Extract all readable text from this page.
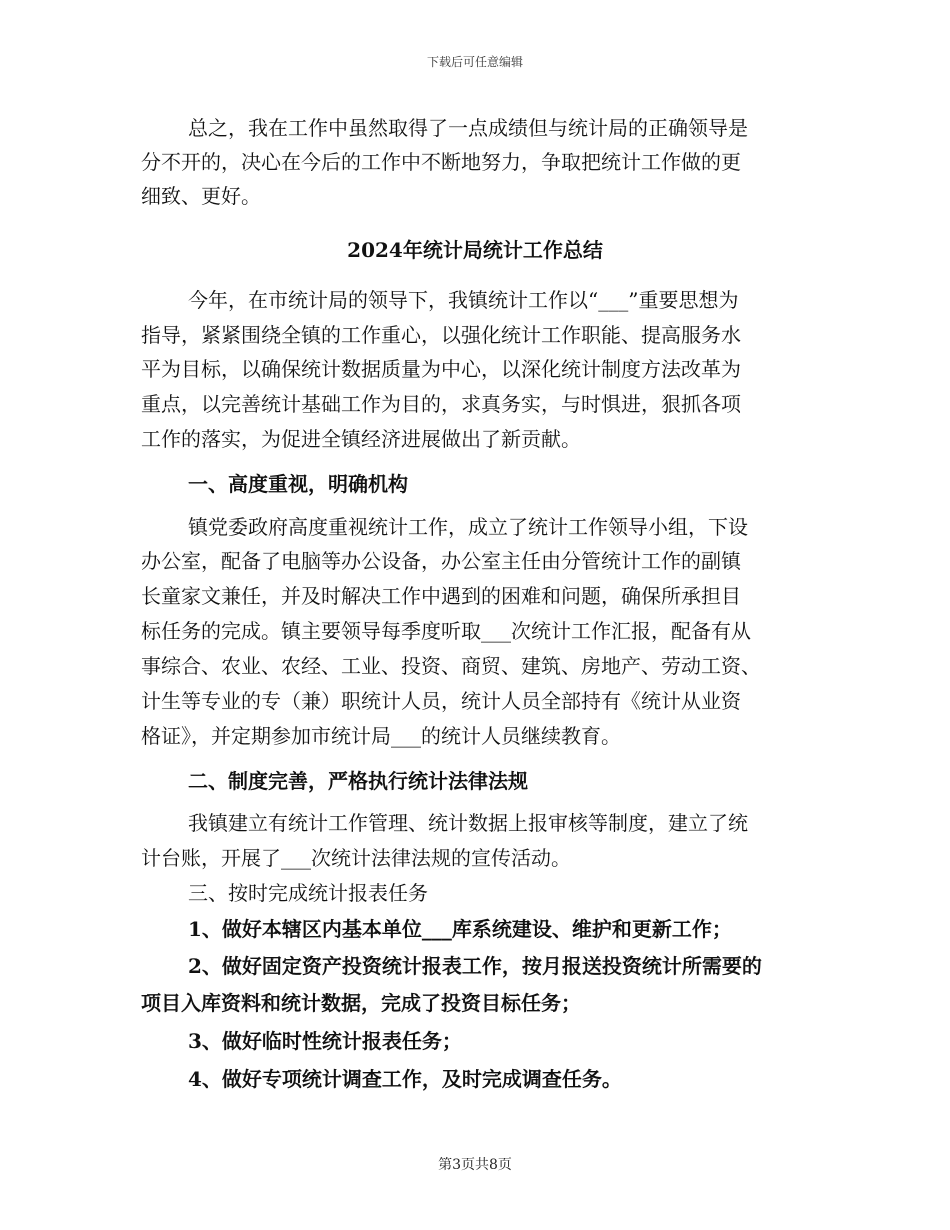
下载后可任意编辑
总之，我在工作中虽然取得了一点成绩但与统计局的正确领导是
分不开的，决心在今后的工作中不断地努力，争取把统计工作做的更
细致、更好。
2024年统计局统计工作总结
今年，在市统计局的领导下，我镇统计工作以“___”重要思想为
指导，紧紧围绕全镇的工作重心，以强化统计工作职能、提高服务水
平为目标，以确保统计数据质量为中心，以深化统计制度方法改革为
重点，以完善统计基础工作为目的，求真务实，与时惧进，狠抓各项
工作的落实，为促进全镇经济进展做出了新贡献。
一、高度重视，明确机构
镇党委政府高度重视统计工作，成立了统计工作领导小组，下设
办公室，配备了电脑等办公设备，办公室主任由分管统计工作的副镇
长童家文兼任，并及时解决工作中遇到的困难和问题，确保所承担目
标任务的完成。镇主要领导每季度听取___次统计工作汇报，配备有从
事综合、农业、农经、工业、投资、商贸、建筑、房地产、劳动工资、
计生等专业的专（兼）职统计人员，统计人员全部持有《统计从业资
格证》，并定期参加市统计局___的统计人员继续教育。
二、制度完善，严格执行统计法律法规
我镇建立有统计工作管理、统计数据上报审核等制度，建立了统
计台账，开展了___次统计法律法规的宣传活动。
三、按时完成统计报表任务
1、做好本辖区内基本单位___库系统建设、维护和更新工作；
2、做好固定资产投资统计报表工作，按月报送投资统计所需要的
项目入库资料和统计数据，完成了投资目标任务；
3、做好临时性统计报表任务；
4、做好专项统计调查工作，及时完成调查任务。
第3页共8页
